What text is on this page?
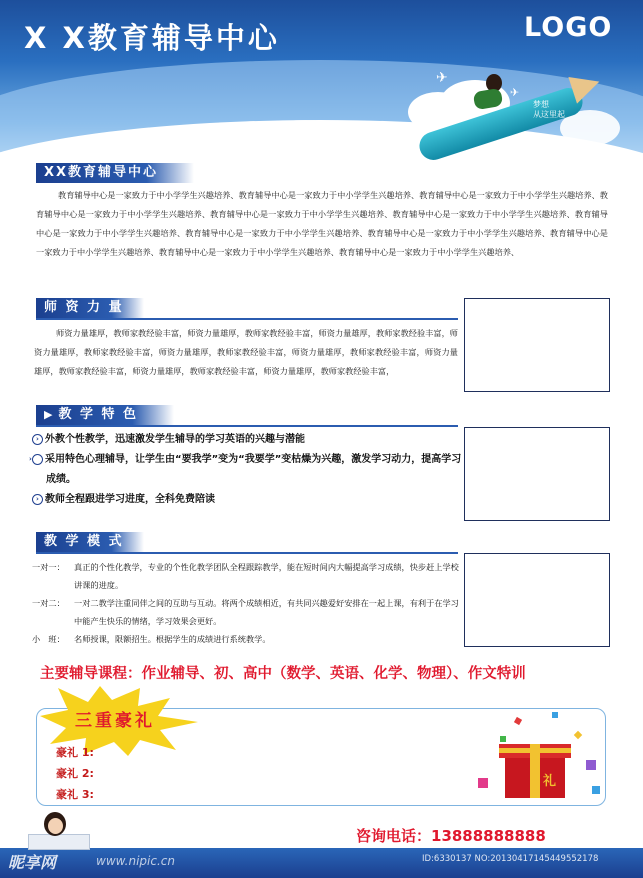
X X教育辅导中心	LOGO
✈
✈
梦想
从这里起
XX教育辅导中心
教育辅导中心是一家致力于中小学学生兴趣培养、教育辅导中心是一家致力于中小学学生兴趣培养、教育辅导中心是一家致力于中小学学生兴趣培养、教育辅导中心是一家致力于中小学学生兴趣培养、教育辅导中心是一家致力于中小学学生兴趣培养、教育辅导中心是一家致力于中小学学生兴趣培养、教育辅导中心是一家致力于中小学学生兴趣培养、教育辅导中心是一家致力于中小学学生兴趣培养、教育辅导中心是一家致力于中小学学生兴趣培养、教育辅导中心是一家致力于中小学学生兴趣培养、教育辅导中心是一家致力于中小学学生兴趣培养、教育辅导中心是一家致力于中小学学生兴趣培养、
师 资 力 量
师资力量雄厚，教师家教经验丰富，师资力量雄厚，教师家教经验丰富，师资力量雄厚，教师家教经验丰富，师资力量雄厚，教师家教经验丰富，师资力量雄厚，教师家教经验丰富，师资力量雄厚，教师家教经验丰富，师资力量雄厚，教师家教经验丰富，师资力量雄厚，教师家教经验丰富，师资力量雄厚，教师家教经验丰富，
▶ 教 学 特 色
› 外教个性教学，迅速激发学生辅导的学习英语的兴趣与潜能
› 采用特色心理辅导，让学生由“要我学”变为“我要学”变枯燥为兴趣，激发学习动力，提高学习成绩。
› 教师全程跟进学习进度，全科免费陪读
教 学 模 式
一对一：	真正的个性化教学，专业的个性化教学团队全程跟踪教学，能在短时间内大幅提高学习成绩，快步赶上学校讲课的进度。
一对二：	一对二教学注重同伴之间的互助与互动。将两个成绩相近，有共同兴趣爱好安排在一起上课，有利于在学习中能产生快乐的情绪，学习效果会更好。
小　班：	名师授课，限额招生。根据学生的成绩进行系统教学。
主要辅导课程：作业辅导、初、高中（数学、英语、化学、物理）、作文特训
三重豪礼
豪礼 1:
豪礼 2:
豪礼 3:
礼
咨询电话：13888888888
昵享网	www.nipic.cn	ID:6330137 NO:20130417145449552178
